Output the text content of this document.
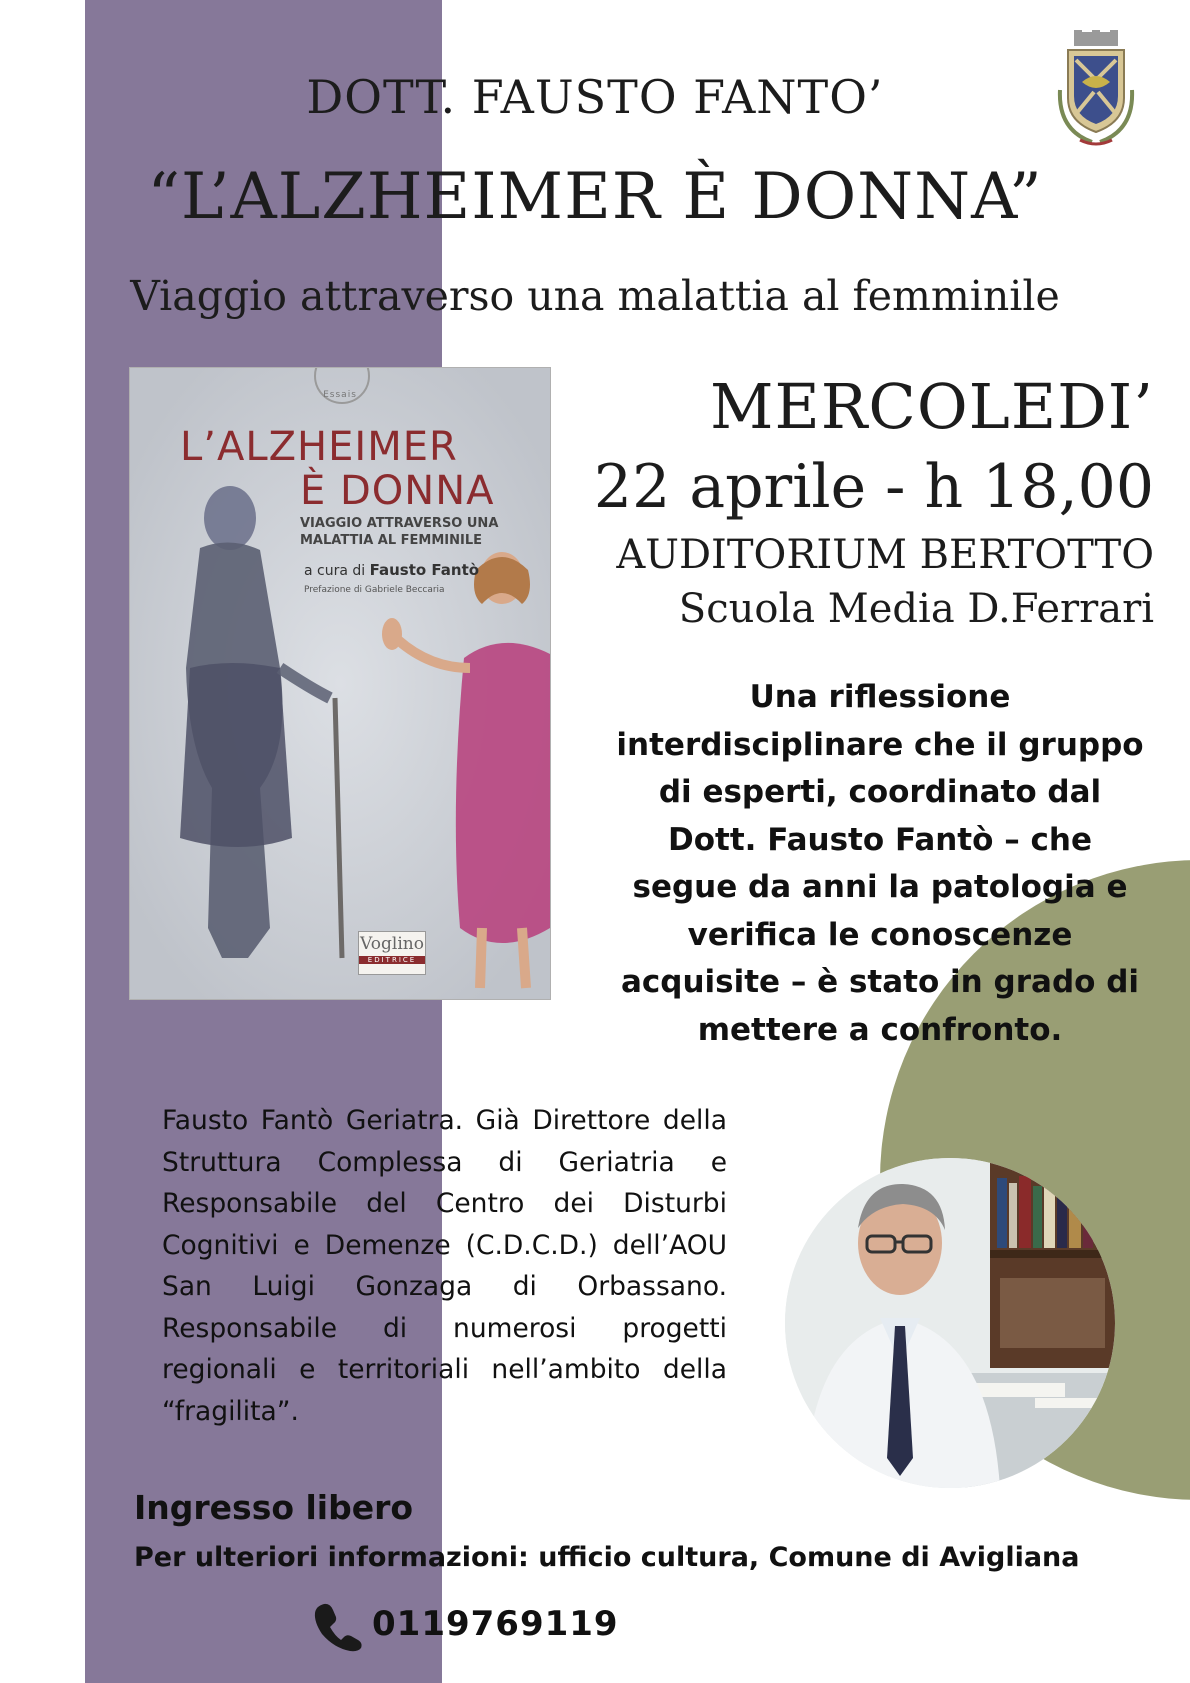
DOTT. FAUSTO FANTO’
“L’ALZHEIMER È DONNA”
Viaggio attraverso una malattia al femminile
Essais
L’ALZHEIMER
È DONNA
VIAGGIO ATTRAVERSO UNA
MALATTIA AL FEMMINILE
a cura di Fausto Fantò
Prefazione di Gabriele Beccaria
Voglino
EDITRICE
MERCOLEDI’
22 aprile - h 18,00
AUDITORIUM BERTOTTO
Scuola Media D.Ferrari
Una riflessione
interdisciplinare che il gruppo
di esperti, coordinato dal
Dott. Fausto Fantò – che
segue da anni la patologia e
verifica le conoscenze
acquisite – è stato in grado di
mettere a confronto.
Fausto Fantò Geriatra. Già Direttore della Struttura Complessa di Geriatria e Responsabile del Centro dei Disturbi Cognitivi e Demenze (C.D.C.D.) dell’AOU San Luigi Gonzaga di Orbassano. Responsabile di numerosi progetti regionali e territoriali nell’ambito della “fragilita”.
Ingresso libero
Per ulteriori informazioni: ufficio cultura, Comune di Avigliana
0119769119
